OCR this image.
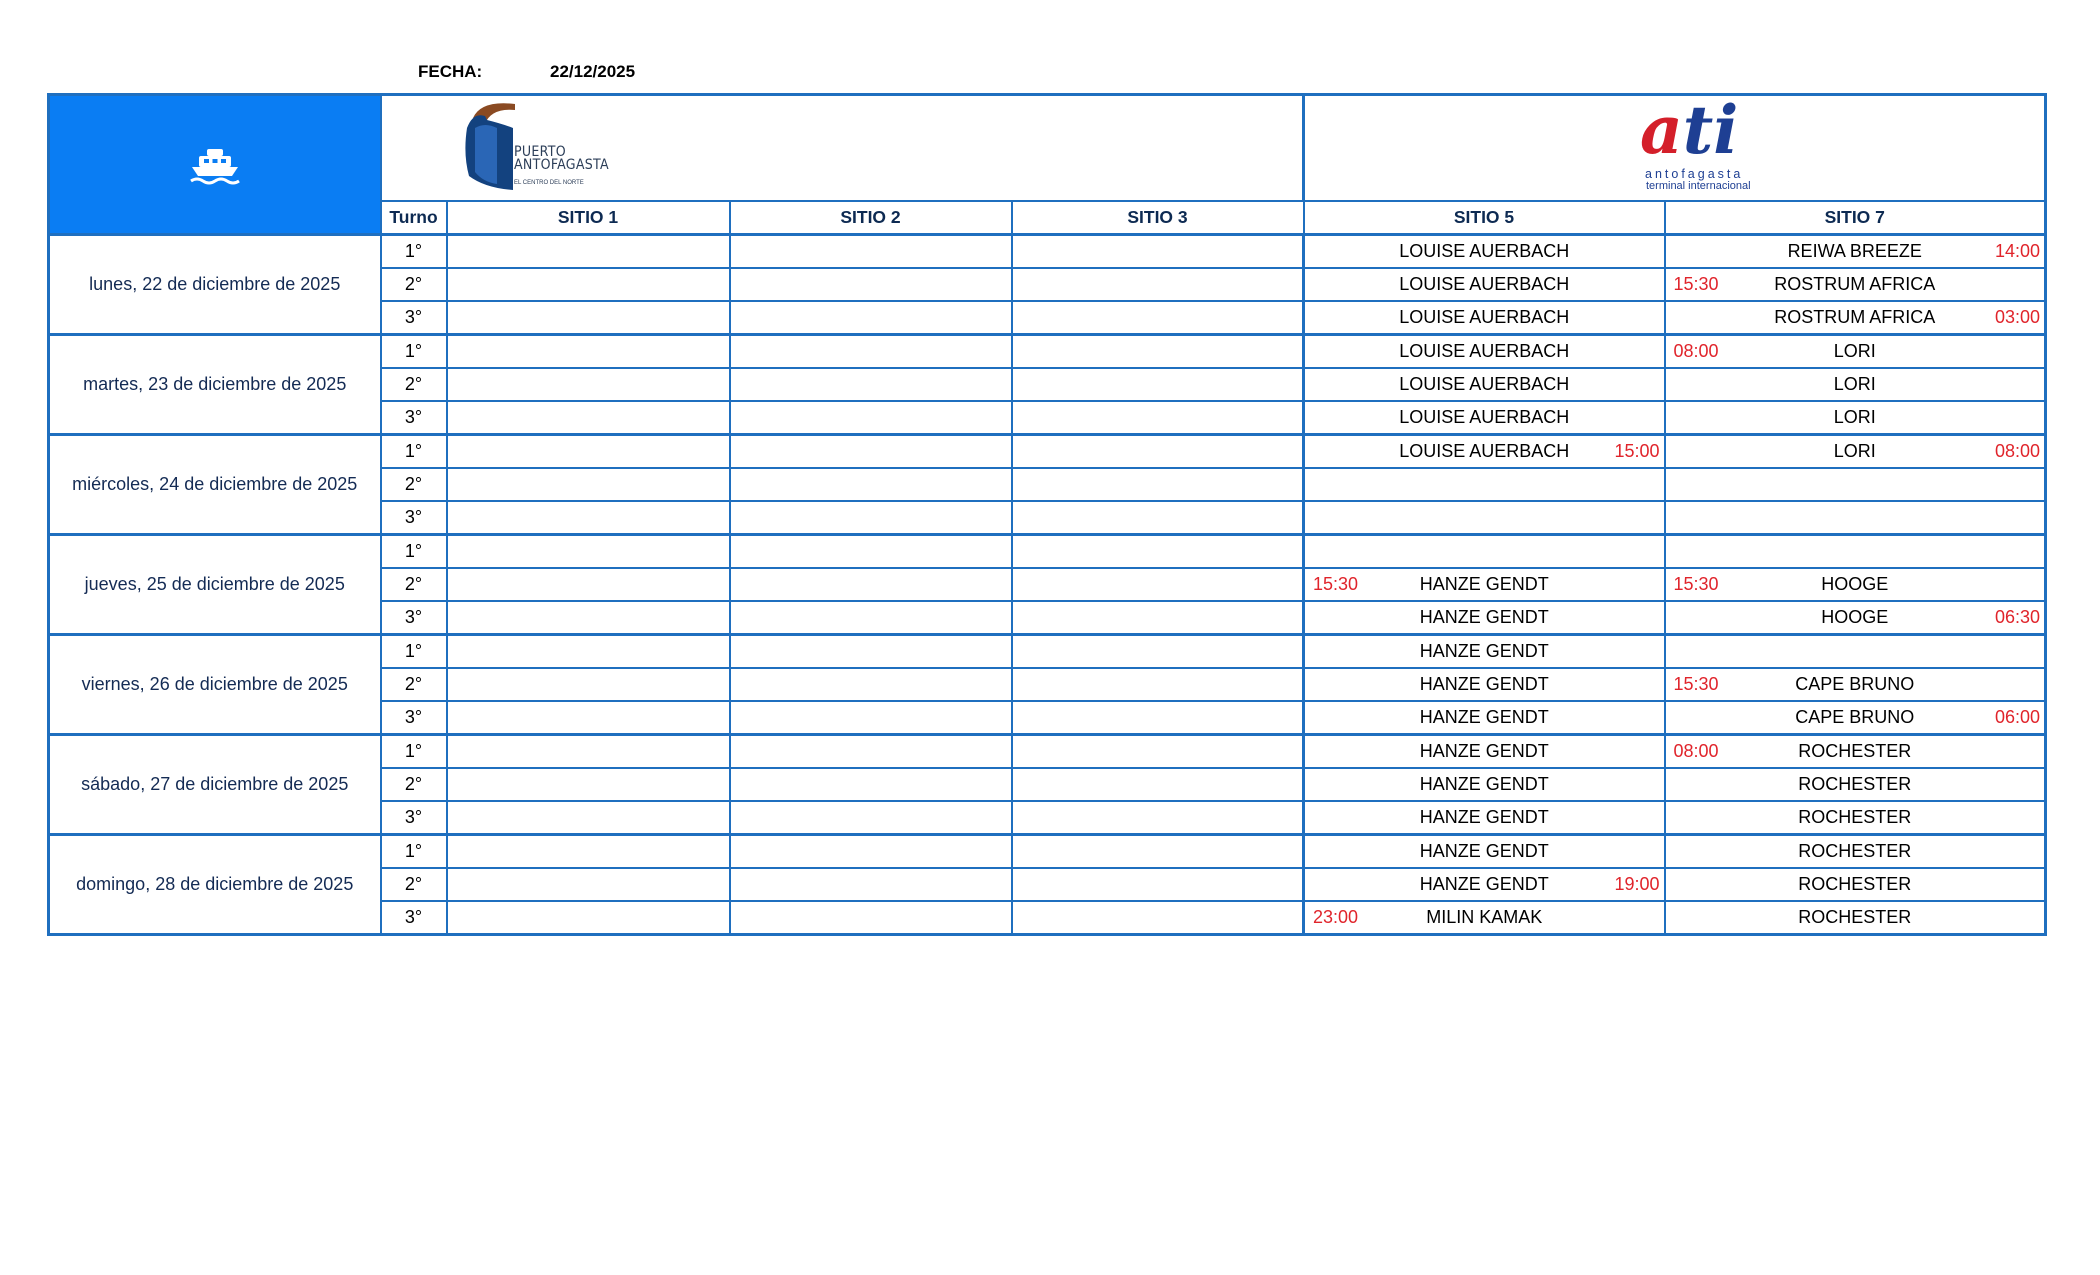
FECHA:	22/12/2025

	Turno	SITIO 1	SITIO 2	SITIO 3	SITIO 5	SITIO 7
lunes, 22 de diciembre de 2025	1°				LOUISE AUERBACH	REIWA BREEZE 14:00

	2°				LOUISE AUERBACH	15:30 ROSTRUM AFRICA

	3°				LOUISE AUERBACH	ROSTRUM AFRICA 03:00

martes, 23 de diciembre de 2025	1°				LOUISE AUERBACH	08:00 LORI

	2°				LOUISE AUERBACH	LORI

	3°				LOUISE AUERBACH	LORI

miércoles, 24 de diciembre de 2025	1°				LOUISE AUERBACH 15:00	LORI 08:00

	2°				

	3°				

jueves, 25 de diciembre de 2025	1°				

	2°				15:30 HANZE GENDT	15:30 HOOGE

	3°				HANZE GENDT	HOOGE 06:30

viernes, 26 de diciembre de 2025	1°				HANZE GENDT	

	2°				HANZE GENDT	15:30 CAPE BRUNO

	3°				HANZE GENDT	CAPE BRUNO 06:00

sábado, 27 de diciembre de 2025	1°				HANZE GENDT	08:00 ROCHESTER

	2°				HANZE GENDT	ROCHESTER

	3°				HANZE GENDT	ROCHESTER

domingo, 28 de diciembre de 2025	1°				HANZE GENDT	ROCHESTER

	2°				HANZE GENDT 19:00	ROCHESTER

	3°				23:00 MILIN KAMAK	ROCHESTER
PUERTO
ANTOFAGASTA
EL CENTRO DEL NORTE
ati
antofagasta
terminal internacional
